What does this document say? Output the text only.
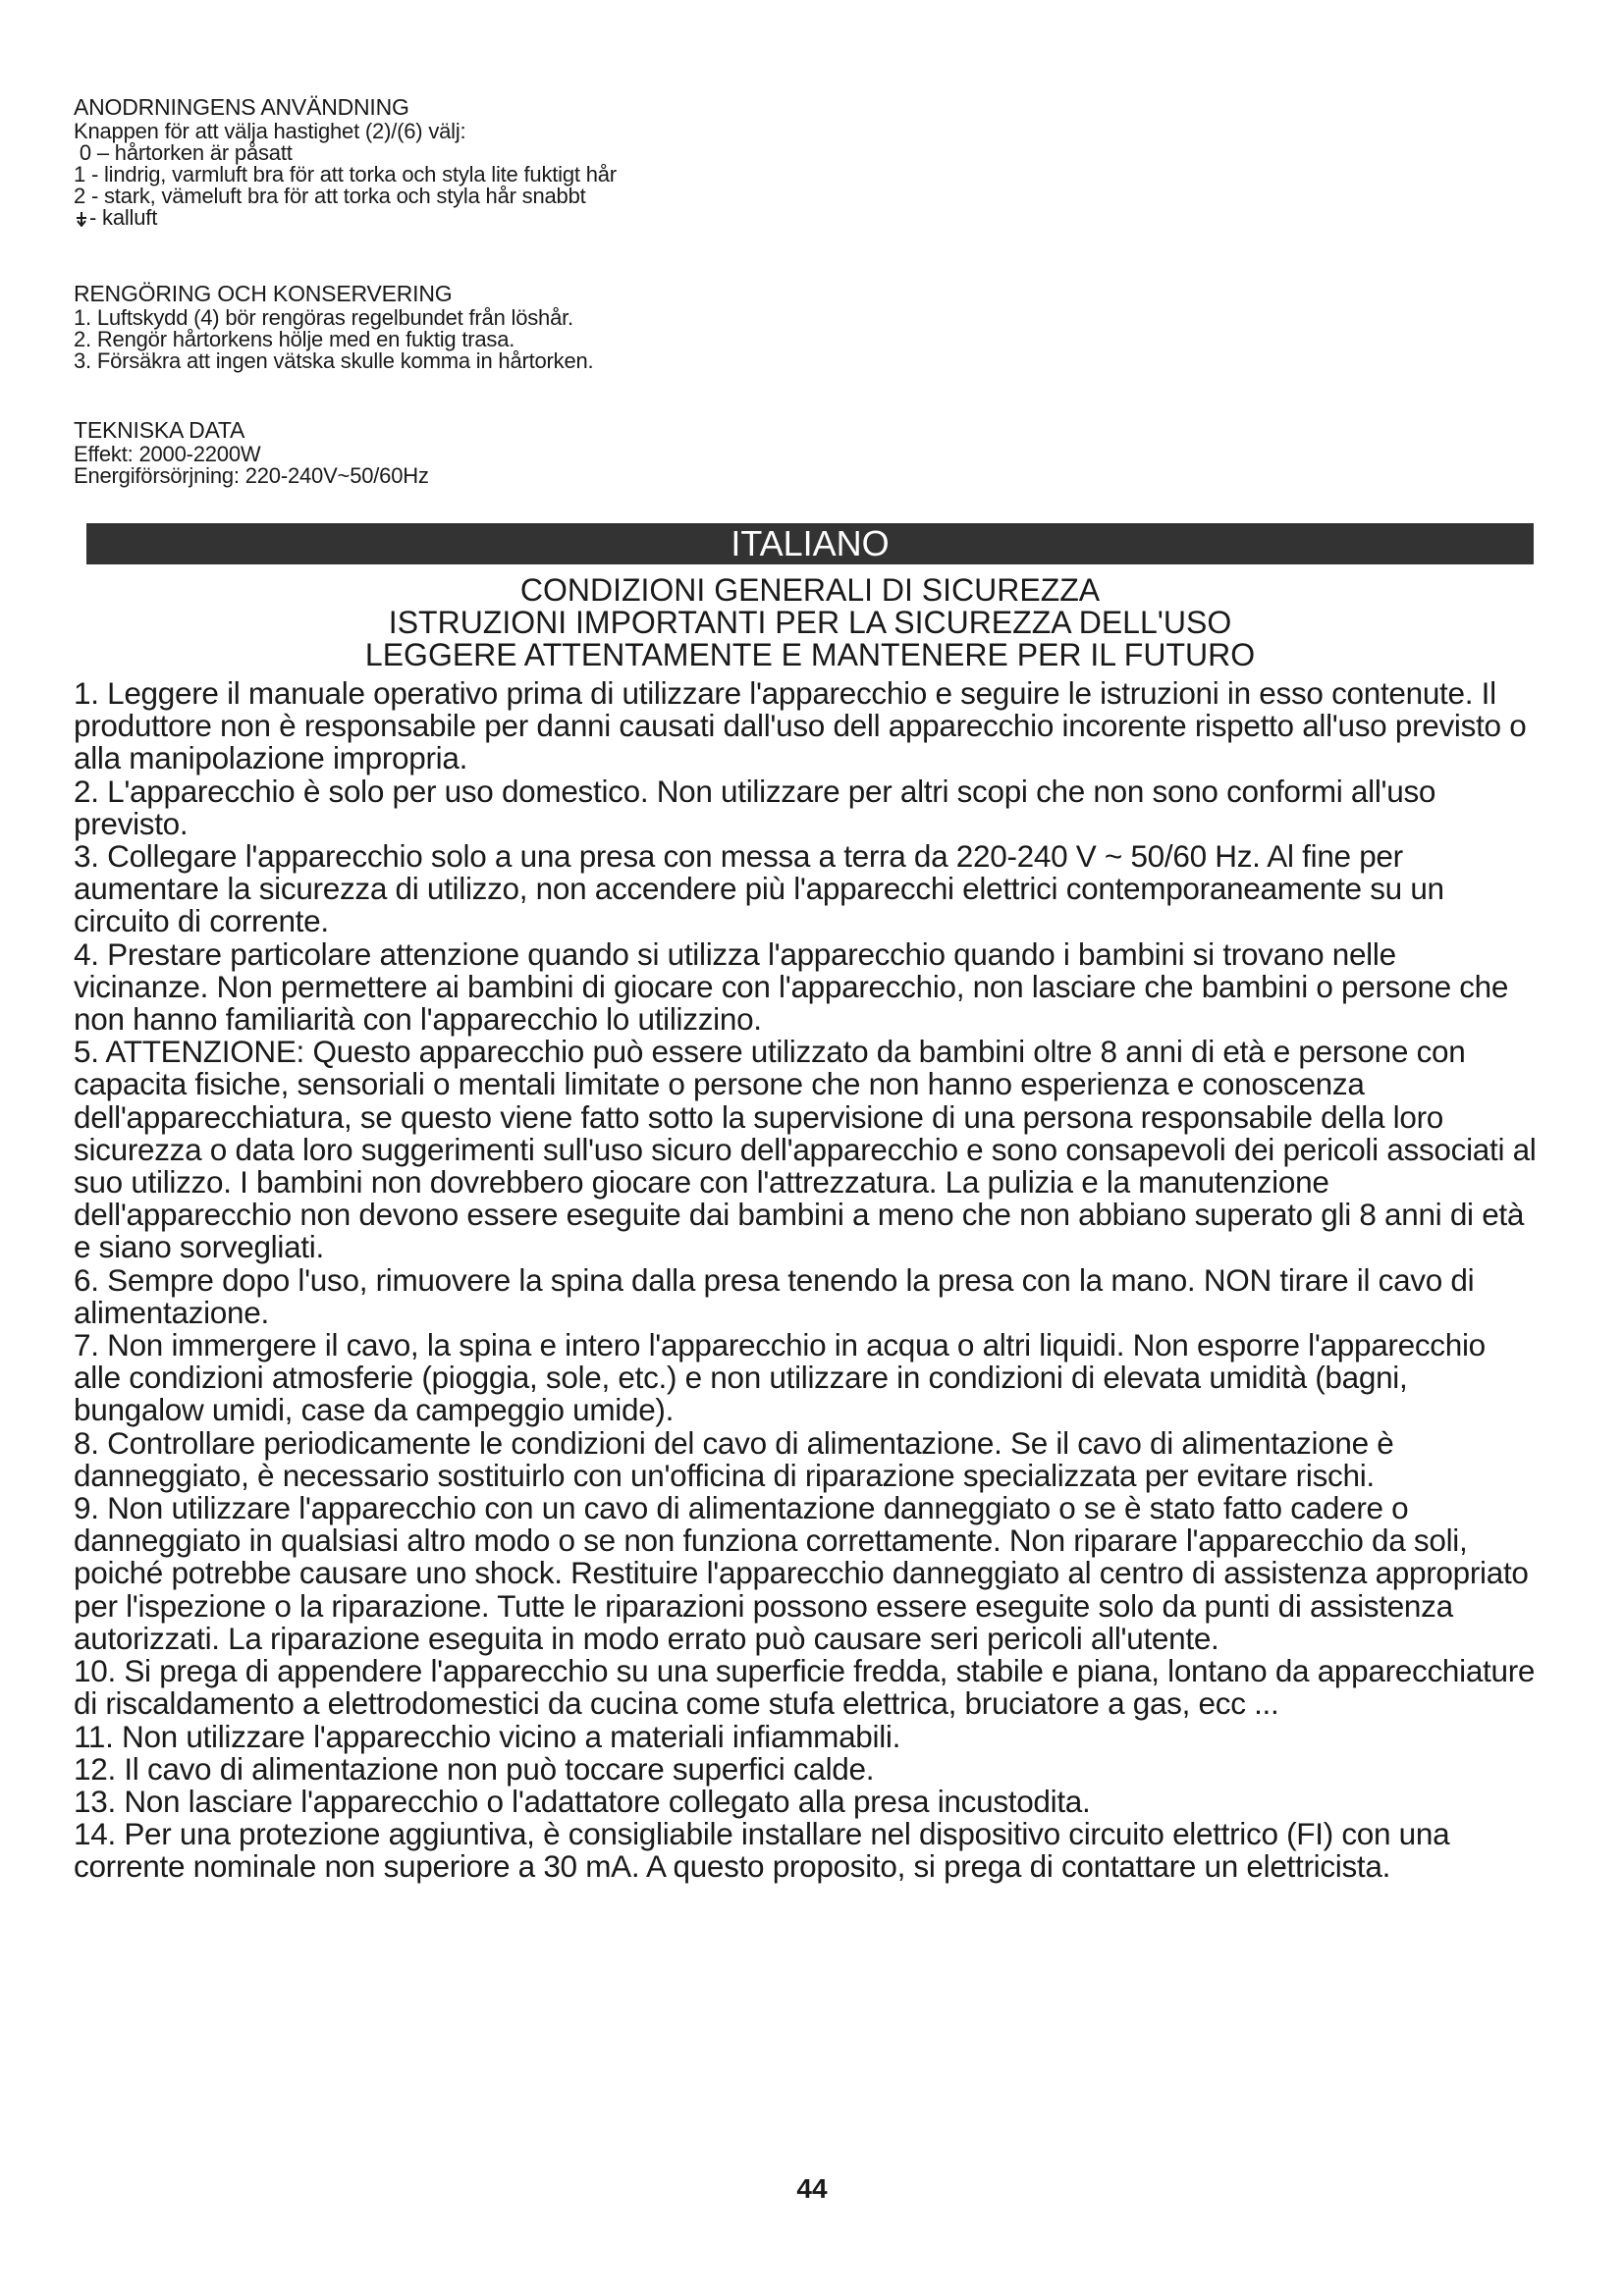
ANODRNINGENS ANVÄNDNING
Knappen för att välja hastighet (2)/(6) välj:
0 – hårtorken är påsatt
1 - lindrig, varmluft bra för att torka och styla lite fuktigt hår
2 - stark, vämeluft bra för att torka och styla hår snabbt
- kalluft
RENGÖRING OCH KONSERVERING
1. Luftskydd (4) bör rengöras regelbundet från löshår.
2. Rengör hårtorkens hölje med en fuktig trasa.
3. Försäkra att ingen vätska skulle komma in hårtorken.
TEKNISKA DATA
Effekt: 2000-2200W
Energiförsörjning: 220-240V~50/60Hz
ITALIANO
CONDIZIONI GENERALI DI SICUREZZA
ISTRUZIONI IMPORTANTI PER LA SICUREZZA DELL'USO
LEGGERE ATTENTAMENTE E MANTENERE PER IL FUTURO

1. Leggere il manuale operativo prima di utilizzare l'apparecchio e seguire le istruzioni in esso contenute. Il produttore non è responsabile per danni causati dall'uso dell apparecchio incorente rispetto all'uso previsto o alla manipolazione impropria.

2. L'apparecchio è solo per uso domestico. Non utilizzare per altri scopi che non sono conformi all'uso previsto.

3. Collegare l'apparecchio solo a una presa con messa a terra da 220-240 V ~ 50/60 Hz. Al fine per aumentare la sicurezza di utilizzo, non accendere più l'apparecchi elettrici contemporaneamente su un circuito di corrente.

4. Prestare particolare attenzione quando si utilizza l'apparecchio quando i bambini si trovano nelle vicinanze. Non permettere ai bambini di giocare con l'apparecchio, non lasciare che bambini o persone che non hanno familiarità con l'apparecchio lo utilizzino.

5. ATTENZIONE: Questo apparecchio può essere utilizzato da bambini oltre 8 anni di età e persone con capacita fisiche, sensoriali o mentali limitate o persone che non hanno esperienza e conoscenza dell'apparecchiatura, se questo viene fatto sotto la supervisione di una persona responsabile della loro sicurezza o data loro suggerimenti sull'uso sicuro dell'apparecchio e sono consapevoli dei pericoli associati al suo utilizzo. I bambini non dovrebbero giocare con l'attrezzatura. La pulizia e la manutenzione dell'apparecchio non devono essere eseguite dai bambini a meno che non abbiano superato gli 8 anni di età e siano sorvegliati.

6. Sempre dopo l'uso, rimuovere la spina dalla presa tenendo la presa con la mano. NON tirare il cavo di alimentazione.

7. Non immergere il cavo, la spina e intero l'apparecchio in acqua o altri liquidi. Non esporre l'apparecchio alle condizioni atmosferie (pioggia, sole, etc.) e non utilizzare in condizioni di elevata umidità (bagni, bungalow umidi, case da campeggio umide).

8. Controllare periodicamente le condizioni del cavo di alimentazione. Se il cavo di alimentazione è danneggiato, è necessario sostituirlo con un'officina di riparazione specializzata per evitare rischi.

9. Non utilizzare l'apparecchio con un cavo di alimentazione danneggiato o se è stato fatto cadere o danneggiato in qualsiasi altro modo o se non funziona correttamente. Non riparare l'apparecchio da soli, poiché potrebbe causare uno shock. Restituire l'apparecchio danneggiato al centro di assistenza appropriato per l'ispezione o la riparazione. Tutte le riparazioni possono essere eseguite solo da punti di assistenza autorizzati. La riparazione eseguita in modo errato può causare seri pericoli all'utente.

10. Si prega di appendere l'apparecchio su una superficie fredda, stabile e piana, lontano da apparecchiature di riscaldamento a elettrodomestici da cucina come stufa elettrica, bruciatore a gas, ecc ...

11. Non utilizzare l'apparecchio vicino a materiali infiammabili.

12. Il cavo di alimentazione non può toccare superfici calde.

13. Non lasciare l'apparecchio o l'adattatore collegato alla presa incustodita.

14. Per una protezione aggiuntiva, è consigliabile installare nel dispositivo circuito elettrico (FI) con una corrente nominale non superiore a 30 mA. A questo proposito, si prega di contattare un elettricista.

44
